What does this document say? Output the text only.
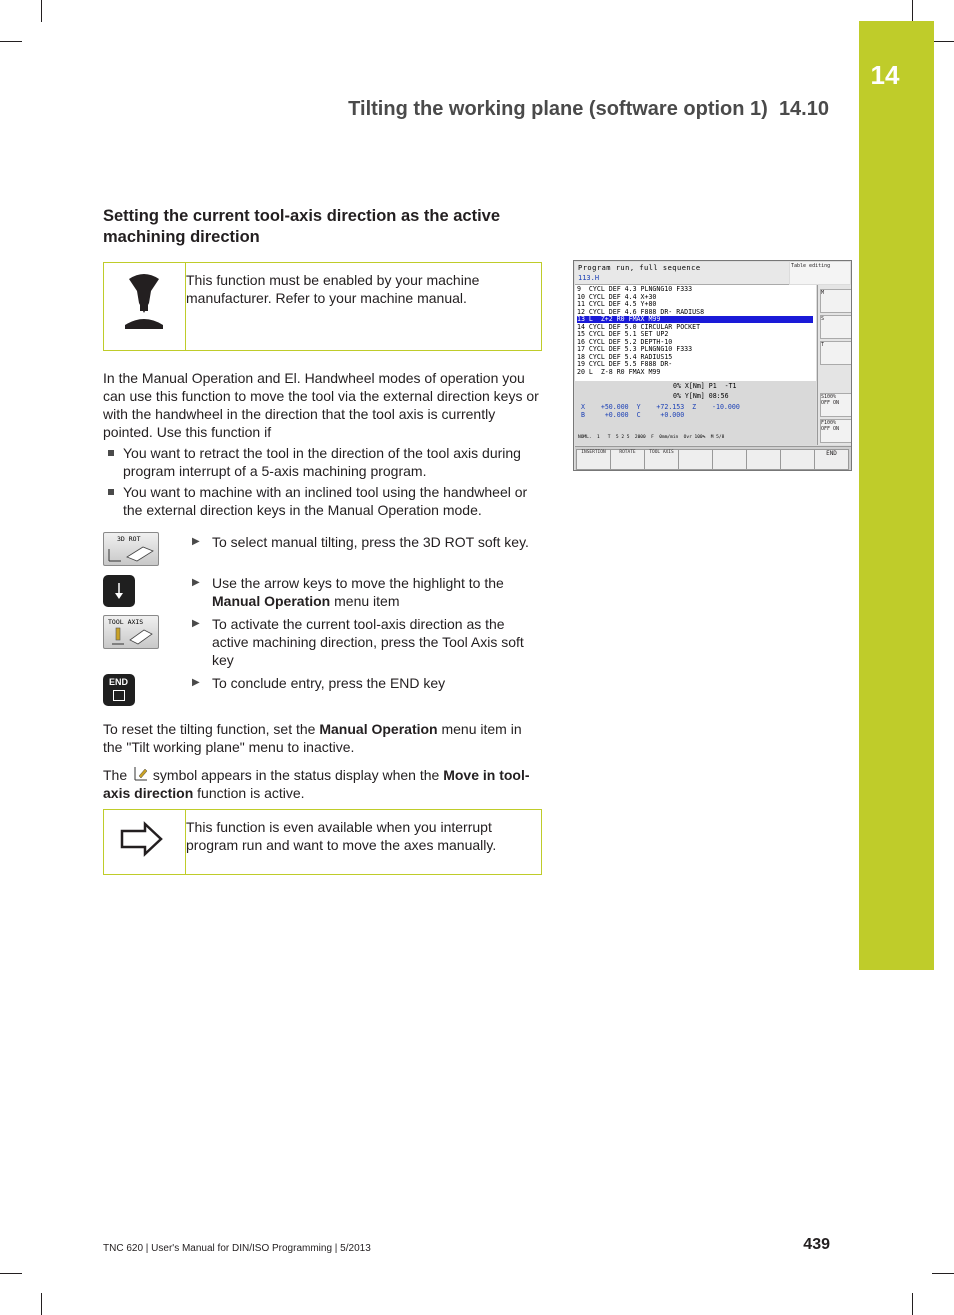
14
Tilting the working plane (software option 1) 14.10
Setting the current tool-axis direction as the active machining direction
This function must be enabled by your machine manufacturer. Refer to your machine manual.

In the Manual Operation and El. Handwheel modes of operation you can use this function to move the tool via the external direction keys or with the handwheel in the direction that the tool axis is currently pointed. Use this function if

You want to retract the tool in the direction of the tool axis during program interrupt of a 5-axis machining program.
You want to machine with an inclined tool using the handwheel or the external direction keys in the Manual Operation mode.
3D ROT	▶ To select manual tilting, press the 3D ROT soft key.
▶ Use the arrow keys to move the highlight to the Manual Operation menu item
TOOL AXIS	▶ To activate the current tool-axis direction as the active machining direction, press the Tool Axis soft key
END	▶ To conclude entry, press the END key

To reset the tilting function, set the Manual Operation menu item in the "Tilt working plane" menu to inactive.

The symbol appears in the status display when the Move in tool-axis direction function is active.

This function is even available when you interrupt program run and want to move the axes manually.
Program run, full sequence
113.H
Table editing
9  CYCL DEF 4.3 PLNGNG10 F333
10 CYCL DEF 4.4 X+30
11 CYCL DEF 4.5 Y+80
12 CYCL DEF 4.6 F888 DR- RADIUS8
13 L  Z+2 R0 FMAX M99
14 CYCL DEF 5.0 CIRCULAR POCKET
15 CYCL DEF 5.1 SET UP2
16 CYCL DEF 5.2 DEPTH-10
17 CYCL DEF 5.3 PLNGNG10 F333
18 CYCL DEF 5.4 RADIUS15
19 CYCL DEF 5.5 F888 DR-
20 L  Z-8 R0 FMAX M99
M
S
T
S100%
OFF ON
F100%
OFF ON
0% X[Nm] P1  -T1
0% Y[Nm] 08:56
X    +50.000  Y    +72.153  Z    -10.000
B     +0.000  C     +0.000
NOML.  1   T  5 2 5  2000  F  0mm/min  Ovr 100%  M 5/8
INSERTION	ROTATE	TOOL AXIS	END
TNC 620 | User's Manual for DIN/ISO Programming | 5/2013	439
